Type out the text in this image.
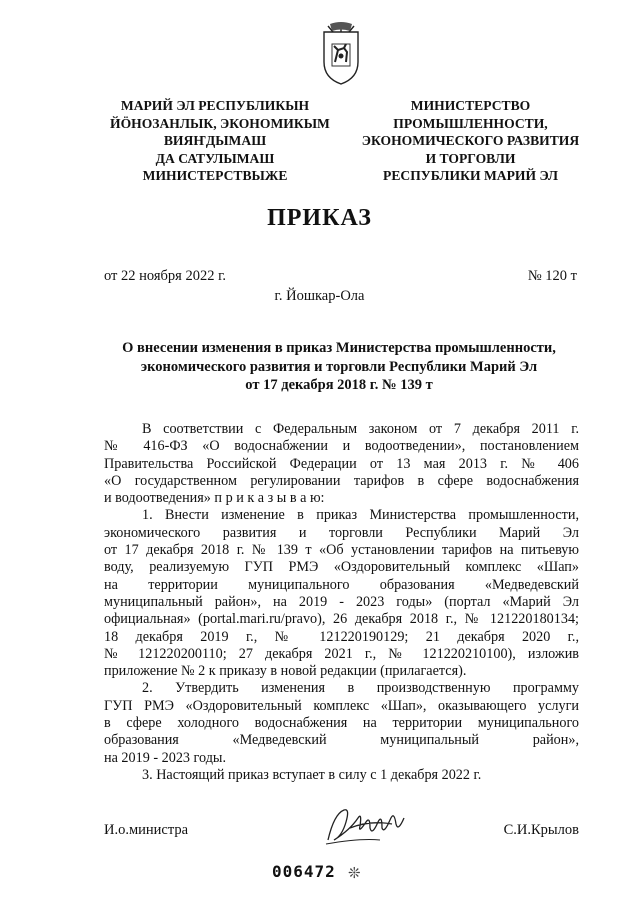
МАРИЙ ЭЛ РЕСПУБЛИКЫН
ЙӦНОЗАНЛЫК, ЭКОНОМИКЫМ
ВИЯҤДЫМАШ
ДА САТУЛЫМАШ
МИНИСТЕРСТВЫЖЕ
МИНИСТЕРСТВО
ПРОМЫШЛЕННОСТИ,
ЭКОНОМИЧЕСКОГО РАЗВИТИЯ
И ТОРГОВЛИ
РЕСПУБЛИКИ МАРИЙ ЭЛ
ПРИКАЗ
от 22 ноября 2022 г.	№ 120 т
г. Йошкар-Ола
О внесении изменения в приказ Министерства промышленности,
экономического развития и торговли Республики Марий Эл
от 17 декабря 2018 г. № 139 т
В соответствии с Федеральным законом от 7 декабря 2011 г.
№ 416-ФЗ «О водоснабжении и водоотведении», постановлением
Правительства Российской Федерации от 13 мая 2013 г. № 406
«О государственном регулировании тарифов в сфере водоснабжения
и водоотведения» п р и к а з ы в а ю:
1. Внести изменение в приказ Министерства промышленности,
экономического развития и торговли Республики Марий Эл
от 17 декабря 2018 г. № 139 т «Об установлении тарифов на питьевую
воду, реализуемую ГУП РМЭ «Оздоровительный комплекс «Шап»
на территории муниципального образования «Медведевский
муниципальный район», на 2019 - 2023 годы» (портал «Марий Эл
официальная» (portal.mari.ru/pravo), 26 декабря 2018 г., № 121220180134;
18 декабря 2019 г., № 121220190129; 21 декабря 2020 г.,
№ 121220200110; 27 декабря 2021 г., № 121220210100), изложив
приложение № 2 к приказу в новой редакции (прилагается).
2. Утвердить изменения в производственную программу
ГУП РМЭ «Оздоровительный комплекс «Шап», оказывающего услуги
в сфере холодного водоснабжения на территории муниципального
образования «Медведевский муниципальный район»,
на 2019 - 2023 годы.
3. Настоящий приказ вступает в силу с 1 декабря 2022 г.
И.о.министра	С.И.Крылов
006472 ❊
